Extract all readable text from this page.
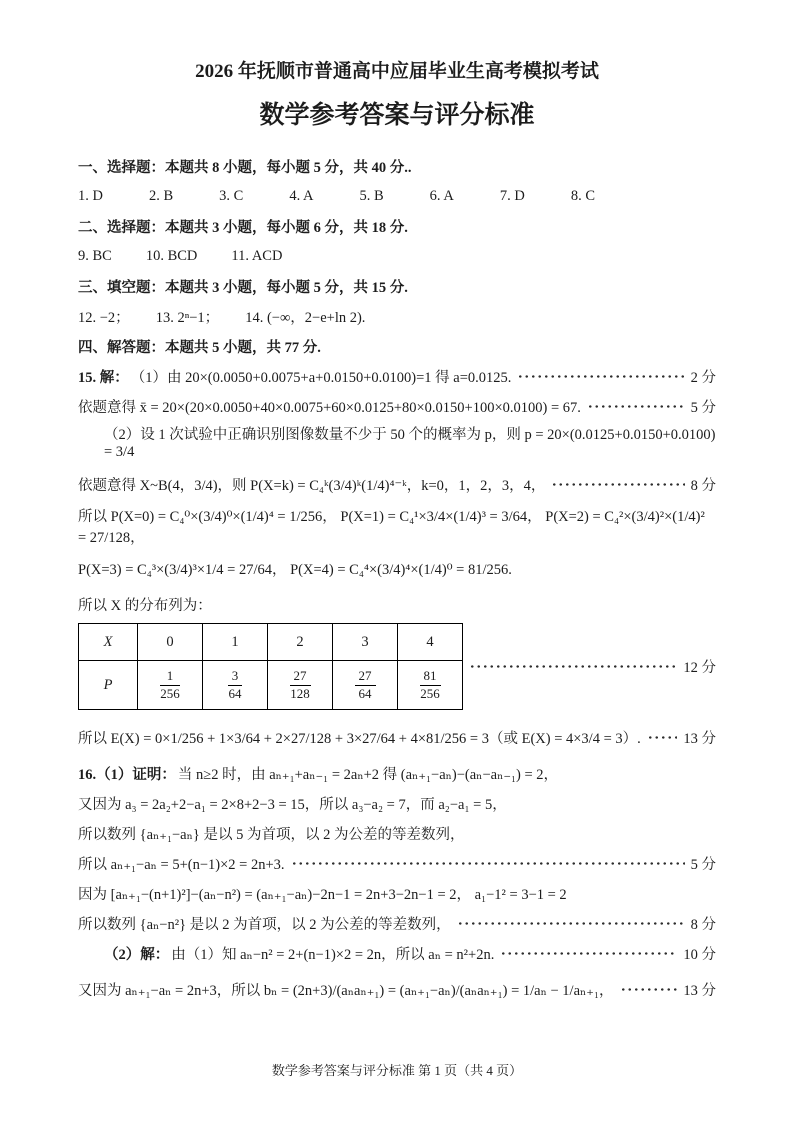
2026 年抚顺市普通高中应届毕业生高考模拟考试
数学参考答案与评分标准
一、选择题：本题共 8 小题，每小题 5 分，共 40 分..
1. D	2. B	3. C	4. A	5. B	6. A	7. D	8. C
二、选择题：本题共 3 小题，每小题 6 分，共 18 分.
9. BC 10. BCD 11. ACD
三、填空题：本题共 3 小题，每小题 5 分，共 15 分.
12. −2； 13. 2ⁿ−1； 14. (−∞，2−e+ln 2).
四、解答题：本题共 5 小题，共 77 分.
15. 解： （1）由 20×(0.0050+0.0075+a+0.0150+0.0100)=1 得 a=0.0125.	2 分
依题意得 x̄ = 20×(20×0.0050+40×0.0075+60×0.0125+80×0.0150+100×0.0100) = 67.	5 分
（2）设 1 次试验中正确识别图像数量不少于 50 个的概率为 p，则 p = 20×(0.0125+0.0150+0.0100) = 3/4
依题意得 X~B(4，3/4)，则 P(X=k) = C₄ᵏ(3/4)ᵏ(1/4)⁴⁻ᵏ，k=0，1，2，3，4，	8 分
所以 P(X=0) = C₄⁰×(3/4)⁰×(1/4)⁴ = 1/256， P(X=1) = C₄¹×3/4×(1/4)³ = 3/64， P(X=2) = C₄²×(3/4)²×(1/4)² = 27/128，
P(X=3) = C₄³×(3/4)³×1/4 = 27/64， P(X=4) = C₄⁴×(3/4)⁴×(1/4)⁰ = 81/256.
所以 X 的分布列为：
X	0	1	2	3	4
P	$\frac{1}{256}$	$\frac{3}{64}$	$\frac{27}{128}$	$\frac{27}{64}$	$\frac{81}{256}$
12 分
所以 E(X) = 0×1/256 + 1×3/64 + 2×27/128 + 3×27/64 + 4×81/256 = 3（或 E(X) = 4×3/4 = 3）.	13 分
16.（1）证明： 当 n≥2 时，由 aₙ₊₁+aₙ₋₁ = 2aₙ+2 得 (aₙ₊₁−aₙ)−(aₙ−aₙ₋₁) = 2，
又因为 a₃ = 2a₂+2−a₁ = 2×8+2−3 = 15，所以 a₃−a₂ = 7，而 a₂−a₁ = 5，
所以数列 {aₙ₊₁−aₙ} 是以 5 为首项，以 2 为公差的等差数列，
所以 aₙ₊₁−aₙ = 5+(n−1)×2 = 2n+3.	5 分
因为 [aₙ₊₁−(n+1)²]−(aₙ−n²) = (aₙ₊₁−aₙ)−2n−1 = 2n+3−2n−1 = 2， a₁−1² = 3−1 = 2
所以数列 {aₙ−n²} 是以 2 为首项，以 2 为公差的等差数列，	8 分
（2）解： 由（1）知 aₙ−n² = 2+(n−1)×2 = 2n，所以 aₙ = n²+2n.	10 分
又因为 aₙ₊₁−aₙ = 2n+3，所以 bₙ = (2n+3)/(aₙaₙ₊₁) = (aₙ₊₁−aₙ)/(aₙaₙ₊₁) = 1/aₙ − 1/aₙ₊₁，	13 分
数学参考答案与评分标准 第 1 页（共 4 页）
